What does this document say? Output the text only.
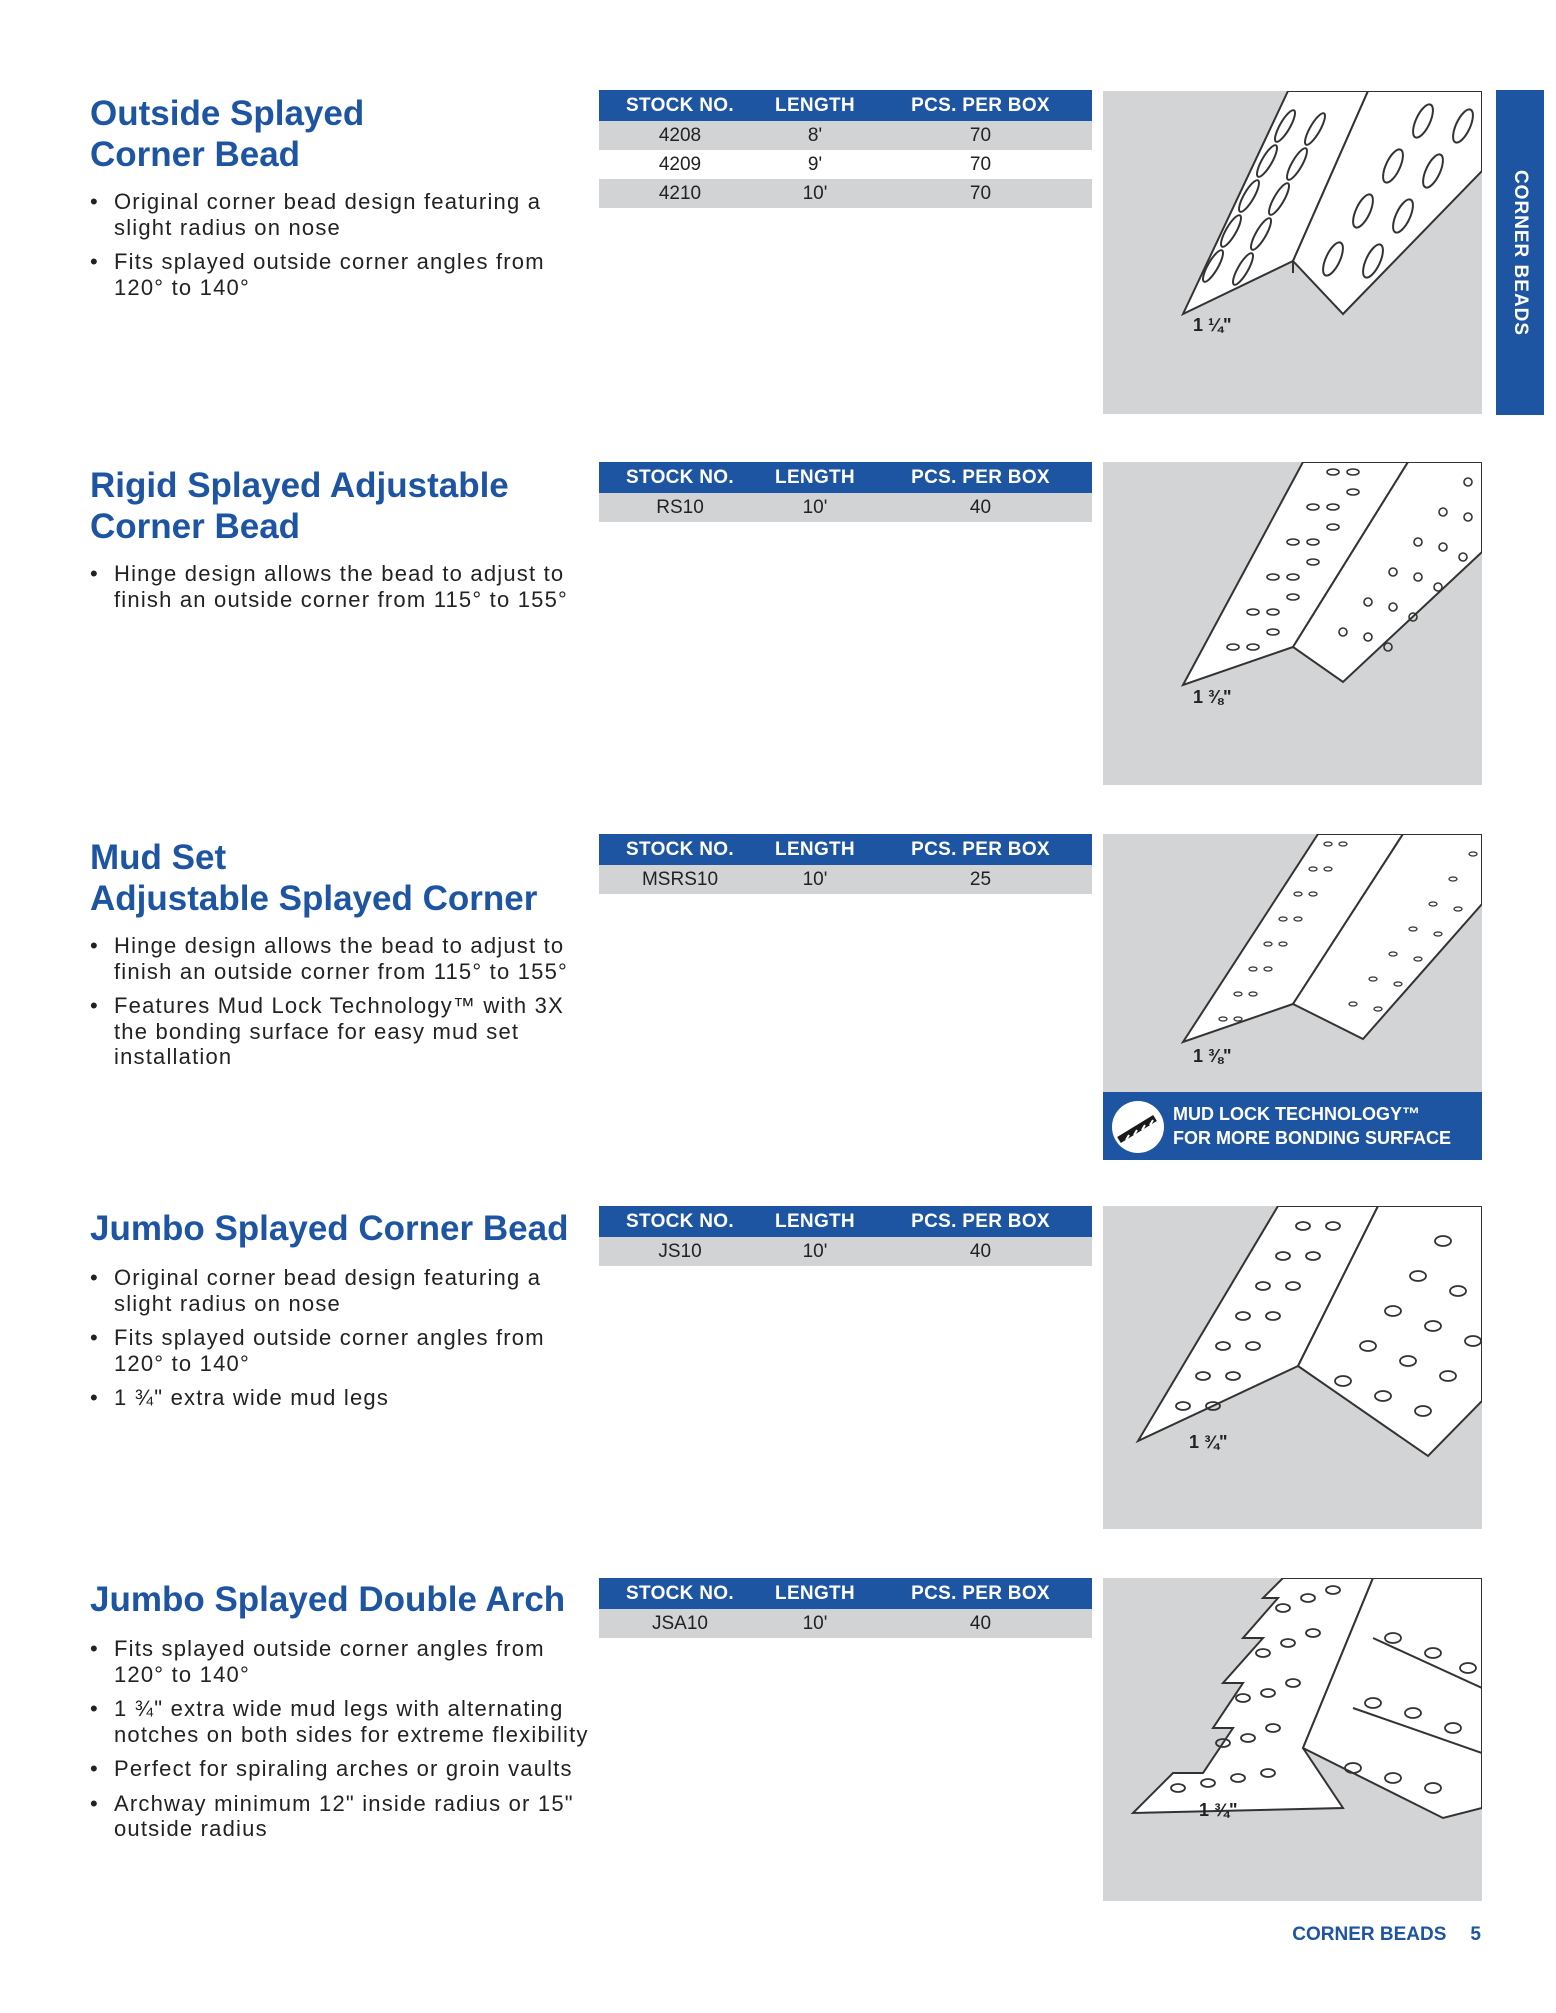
CORNER BEADS
Outside Splayed
Corner Bead
• Original corner bead design featuring a slight radius on nose
• Fits splayed outside corner angles from 120° to 140°
STOCK NO.	LENGTH	PCS. PER BOX
4208	8'	70
4209	9'	70
4210	10'	70
1 ¼"
Rigid Splayed Adjustable
Corner Bead
• Hinge design allows the bead to adjust to finish an outside corner from 115° to 155°
STOCK NO.	LENGTH	PCS. PER BOX
RS10	10'	40
1 ⅜"
Mud Set
Adjustable Splayed Corner
• Hinge design allows the bead to adjust to finish an outside corner from 115° to 155°
• Features Mud Lock Technology™ with 3X the bonding surface for easy mud set installation
STOCK NO.	LENGTH	PCS. PER BOX
MSRS10	10'	25
1 ⅜"
MUD LOCK TECHNOLOGY™
FOR MORE BONDING SURFACE
Jumbo Splayed Corner Bead
• Original corner bead design featuring a slight radius on nose
• Fits splayed outside corner angles from 120° to 140°
• 1 ¾" extra wide mud legs
STOCK NO.	LENGTH	PCS. PER BOX
JS10	10'	40
1 ¾"
Jumbo Splayed Double Arch
• Fits splayed outside corner angles from 120° to 140°
• 1 ¾" extra wide mud legs with alternating notches on both sides for extreme flexibility
• Perfect for spiraling arches or groin vaults
• Archway minimum 12" inside radius or 15" outside radius
STOCK NO.	LENGTH	PCS. PER BOX
JSA10	10'	40
1 ¾"
CORNER BEADS 5
